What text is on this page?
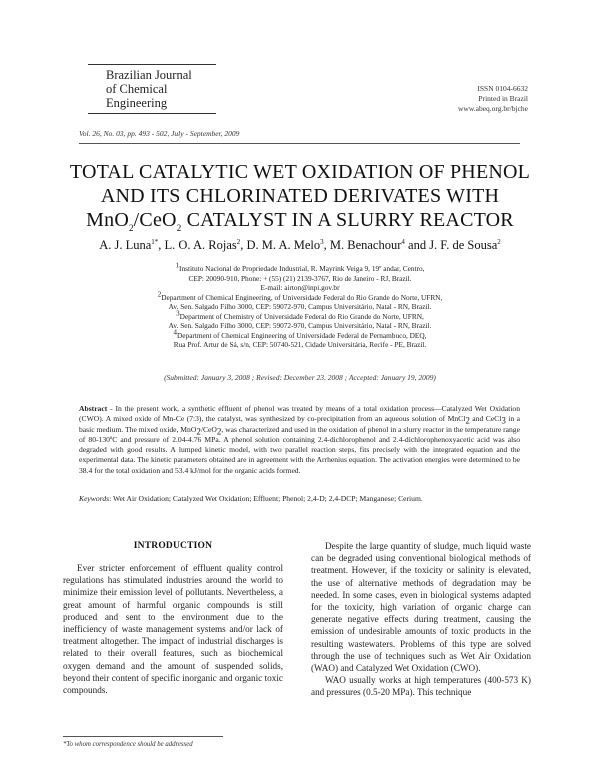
Brazilian Journal
of Chemical
Engineering
ISSN 0104-6632
Printed in Brazil
www.abeq.org.br/bjche
Vol. 26, No. 03, pp. 493 - 502, July - September, 2009
TOTAL CATALYTIC WET OXIDATION OF PHENOL
AND ITS CHLORINATED DERIVATES WITH
MnO$_2$/CeO$_2$ CATALYST IN A SLURRY REACTOR
A. J. Luna$^{1*}$, L. O. A. Rojas$^2$, D. M. A. Melo$^3$, M. Benachour$^4$ and J. F. de Sousa$^2$
$^1$Instituto Nacional de Propriedade Industrial, R. Mayrink Veiga 9, 19º andar, Centro,
CEP: 20090-910, Phone: + (55) (21) 2139-3767, Rio de Janeiro - RJ, Brazil.
E-mail: airton@inpi.gov.br
$^2$Department of Chemical Engineering, of Universidade Federal do Rio Grande do Norte, UFRN,
Av. Sen. Salgado Filho 3000, CEP: 59072-970, Campus Universitário, Natal - RN, Brazil.
$^3$Department of Chemistry of Universidade Federal do Rio Grande do Norte, UFRN,
Av. Sen. Salgado Filho 3000, CEP: 59072-970, Campus Universitário, Natal - RN, Brazil.
$^4$Department of Chemical Engineering of Universidade Federal de Pernambuco, DEQ,
Rua Prof. Artur de Sá, s/n, CEP: 50740-521, Cidade Universitária, Recife - PE, Brazil.
(Submitted: January 3, 2008 ; Revised: December 23, 2008 ; Accepted: January 19, 2009)
Abstract - In the present work, a synthetic effluent of phenol was treated by means of a total oxidation process—Catalyzed Wet Oxidation (CWO). A mixed oxide of Mn-Ce (7:3), the catalyst, was synthesized by co-precipitation from an aqueous solution of MnCl$_2$ and CeCl$_3$ in a basic medium. The mixed oxide, MnO$_2$/CeO$_2$, was characterized and used in the oxidation of phenol in a slurry reactor in the temperature range of 80-130ºC and pressure of 2.04-4.76 MPa. A phenol solution containing 2.4-dichlorophenol and 2.4-dichlorophenoxyacetic acid was also degraded with good results. A lumped kinetic model, with two parallel reaction steps, fits precisely with the integrated equation and the experimental data. The kinetic parameters obtained are in agreement with the Arrhenius equation. The activation energies were determined to be 38.4 for the total oxidation and 53.4 kJ/mol for the organic acids formed.
Keywords: Wet Air Oxidation; Catalyzed Wet Oxidation; Effluent; Phenol; 2,4-D; 2,4-DCP; Manganese; Cerium.
INTRODUCTION

Ever stricter enforcement of effluent quality control regulations has stimulated industries around the world to minimize their emission level of pollutants. Nevertheless, a great amount of harmful organic compounds is still produced and sent to the environment due to the inefficiency of waste management systems and/or lack of treatment altogether. The impact of industrial discharges is related to their overall features, such as biochemical oxygen demand and the amount of suspended solids, beyond their content of specific inorganic and organic toxic compounds.

Despite the large quantity of sludge, much liquid waste can be degraded using conventional biological methods of treatment. However, if the toxicity or salinity is elevated, the use of alternative methods of degradation may be needed. In some cases, even in biological systems adapted for the toxicity, high variation of organic charge can generate negative effects during treatment, causing the emission of undesirable amounts of toxic products in the resulting wastewaters. Problems of this type are solved through the use of techniques such as Wet Air Oxidation (WAO) and Catalyzed Wet Oxidation (CWO).

WAO usually works at high temperatures (400-573 K) and pressures (0.5-20 MPa). This technique

*To whom correspondence should be addressed
